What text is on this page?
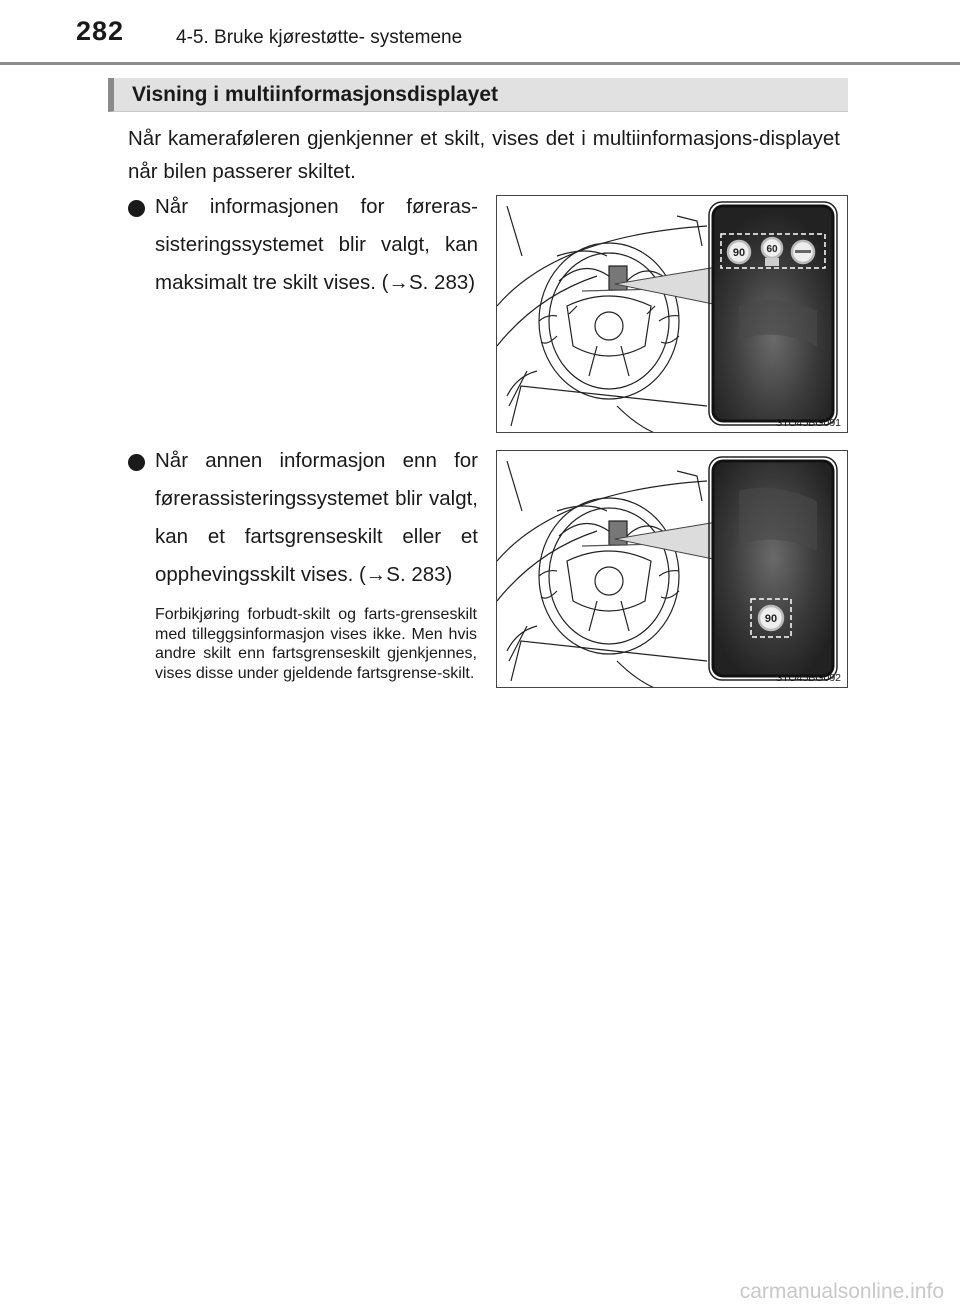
282	4-5. Bruke kjørestøtte- systemene
Visning i multiinformasjonsdisplayet
Når kameraføleren gjenkjenner et skilt, vises det i multiinformasjons-displayet når bilen passerer skiltet.
Når informasjonen for føreras-sisteringssystemet blir valgt, kan maksimalt tre skilt vises. (→S. 283)
Når annen informasjon enn for førerassisteringssystemet blir valgt, kan et fartsgrenseskilt eller et opphevingsskilt vises. (→S. 283)
Forbikjøring forbudt-skilt og farts-grenseskilt med tilleggsinformasjon vises ikke. Men hvis andre skilt enn fartsgrenseskilt gjenkjennes, vises disse under gjeldende fartsgrense-skilt.
90 60
STO45BG091
90
STO45BG092
carmanualsonline.info
